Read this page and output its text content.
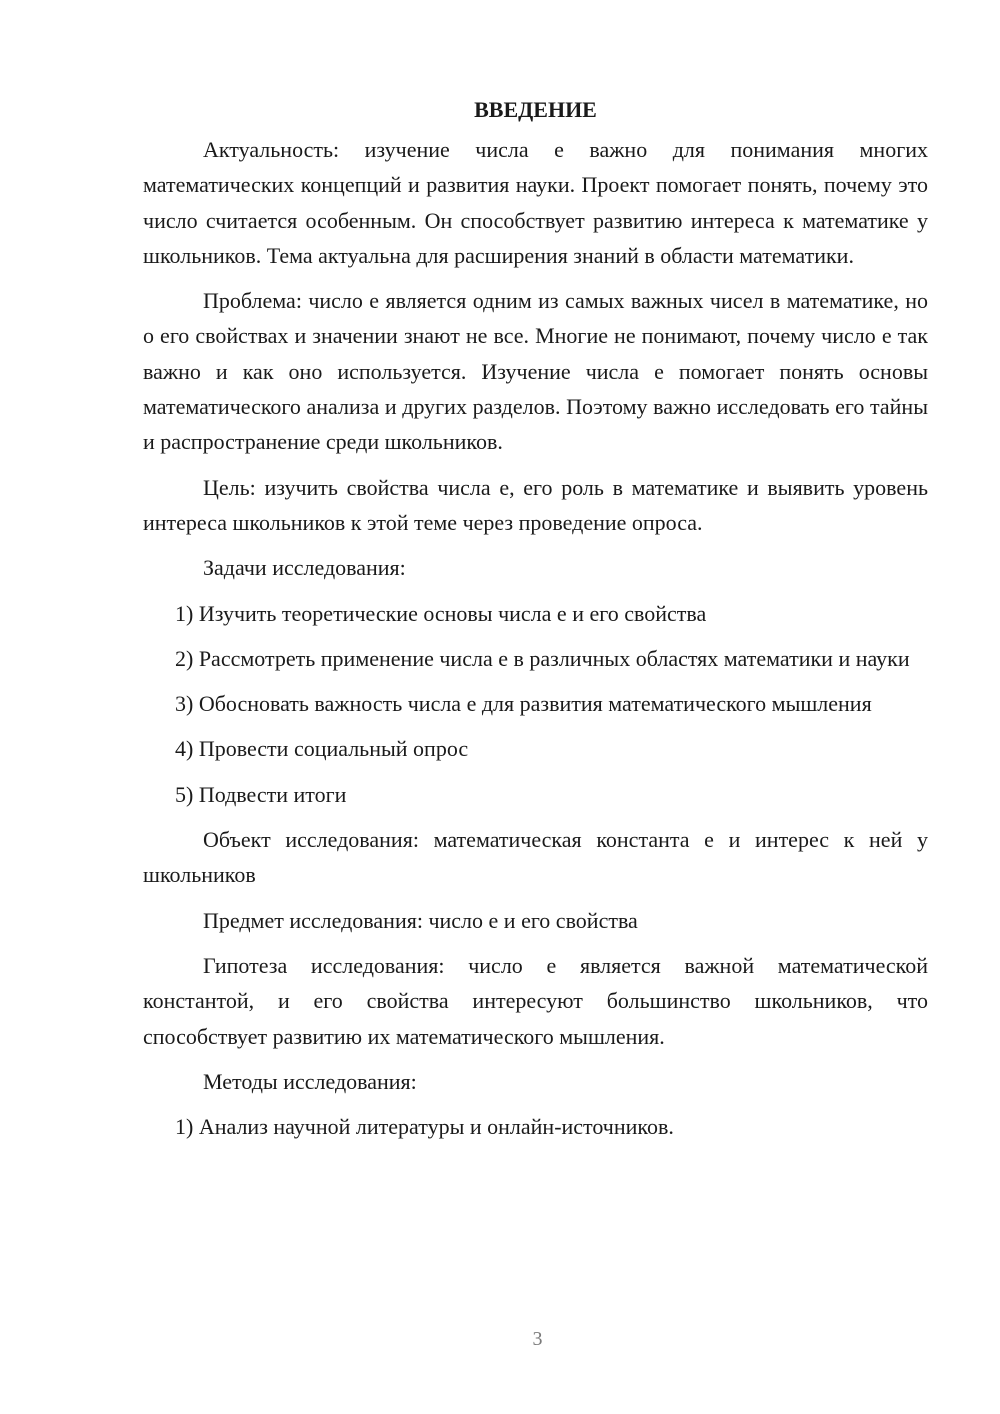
ВВЕДЕНИЕ

Актуальность: изучение числа е важно для понимания многих математических концепций и развития науки. Проект помогает понять, почему это число считается особенным. Он способствует развитию интереса к математике у школьников. Тема актуальна для расширения знаний в области математики.

Проблема: число е является одним из самых важных чисел в математике, но о его свойствах и значении знают не все. Многие не понимают, почему число е так важно и как оно используется. Изучение числа е помогает понять основы математического анализа и других разделов. Поэтому важно исследовать его тайны и распространение среди школьников.

Цель: изучить свойства числа е, его роль в математике и выявить уровень интереса школьников к этой теме через проведение опроса.

Задачи исследования:

1) Изучить теоретические основы числа е и его свойства

2) Рассмотреть применение числа е в различных областях математики и науки

3) Обосновать важность числа е для развития математического мышления

4) Провести социальный опрос

5) Подвести итоги

Объект исследования: математическая константа е и интерес к ней у школьников

Предмет исследования: число е и его свойства

Гипотеза исследования: число е является важной математической константой, и его свойства интересуют большинство школьников, что способствует развитию их математического мышления.

Методы исследования:

1) Анализ научной литературы и онлайн-источников.

3
